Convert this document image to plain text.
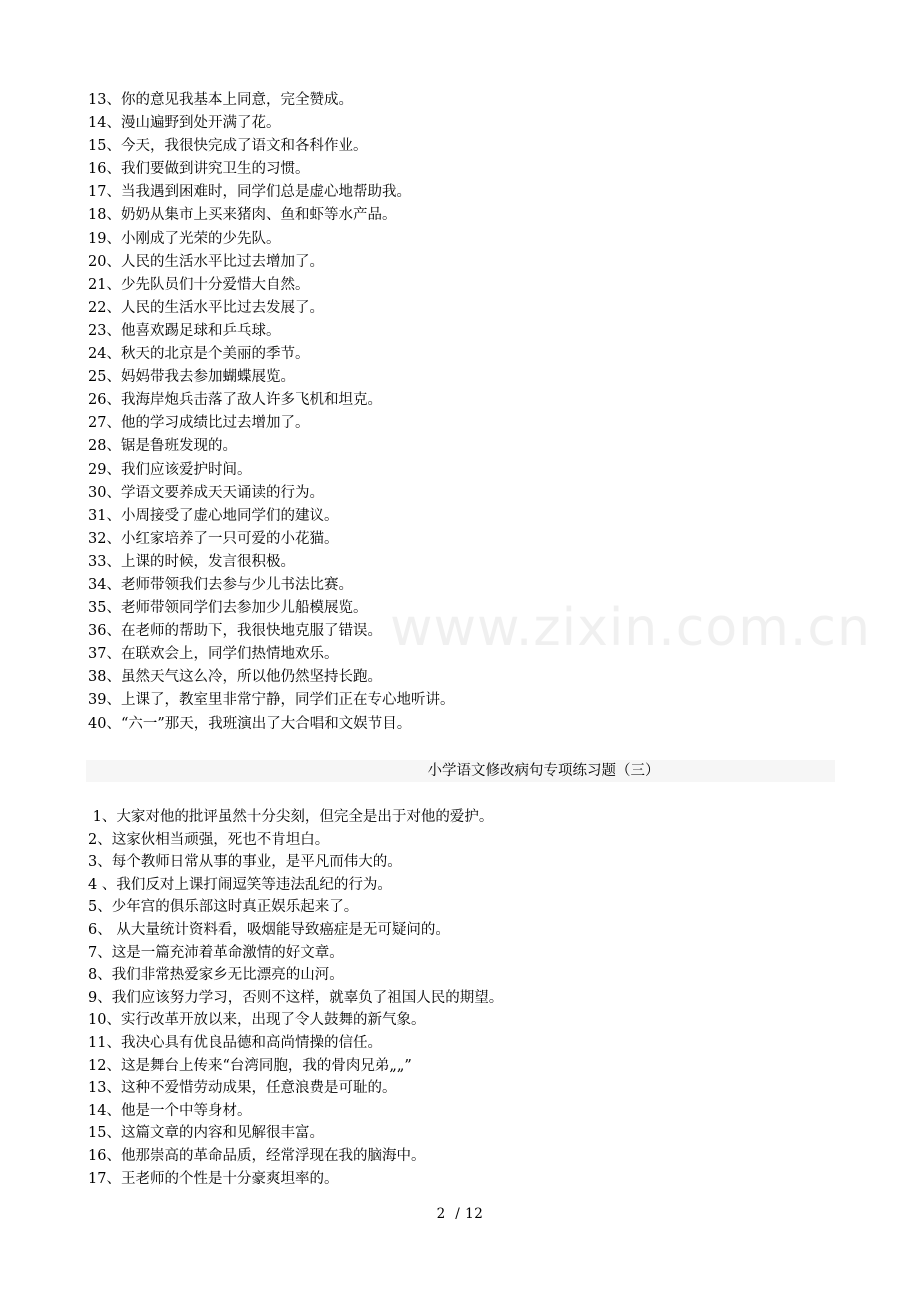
13、你的意见我基本上同意，完全赞成。
14、漫山遍野到处开满了花。
15、今天，我很快完成了语文和各科作业。
16、我们要做到讲究卫生的习惯。
17、当我遇到困难时，同学们总是虚心地帮助我。
18、奶奶从集市上买来猪肉、鱼和虾等水产品。
19、小刚成了光荣的少先队。
20、人民的生活水平比过去增加了。
21、少先队员们十分爱惜大自然。
22、人民的生活水平比过去发展了。
23、他喜欢踢足球和乒乓球。
24、秋天的北京是个美丽的季节。
25、妈妈带我去参加蝴蝶展览。
26、我海岸炮兵击落了敌人许多飞机和坦克。
27、他的学习成绩比过去增加了。
28、锯是鲁班发现的。
29、我们应该爱护时间。
30、学语文要养成天天诵读的行为。
31、小周接受了虚心地同学们的建议。
32、小红家培养了一只可爱的小花猫。
33、上课的时候，发言很积极。
34、老师带领我们去参与少儿书法比赛。
35、老师带领同学们去参加少儿船模展览。
36、在老师的帮助下，我很快地克服了错误。
37、在联欢会上，同学们热情地欢乐。
38、虽然天气这么冷，所以他仍然坚持长跑。
39、上课了，教室里非常宁静，同学们正在专心地听讲。
40、“六一”那天，我班演出了大合唱和文娱节目。
www.zixin.com.cn
小学语文修改病句专项练习题（三）
1、大家对他的批评虽然十分尖刻，但完全是出于对他的爱护。
2、这家伙相当顽强，死也不肯坦白。
3、每个教师日常从事的事业，是平凡而伟大的。
4 、我们反对上课打闹逗笑等违法乱纪的行为。
5、少年宫的俱乐部这时真正娱乐起来了。
6、 从大量统计资料看，吸烟能导致癌症是无可疑问的。
7、这是一篇充沛着革命激情的好文章。
8、我们非常热爱家乡无比漂亮的山河。
9、我们应该努力学习，否则不这样，就辜负了祖国人民的期望。
10、实行改革开放以来，出现了令人鼓舞的新气象。
11、我决心具有优良品德和高尚情操的信任。
12、这是舞台上传来“台湾同胞，我的骨肉兄弟„„”
13、这种不爱惜劳动成果，任意浪费是可耻的。
14、他是一个中等身材。
15、这篇文章的内容和见解很丰富。
16、他那崇高的革命品质，经常浮现在我的脑海中。
17、王老师的个性是十分豪爽坦率的。
2  / 12
